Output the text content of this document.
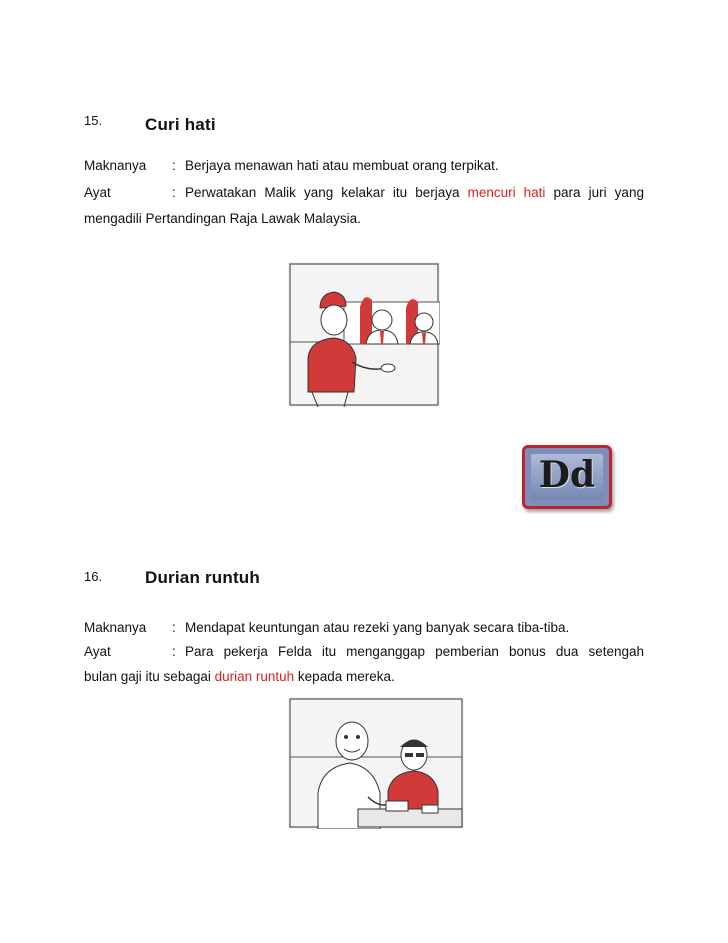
15.	Curi hati
Maknanya : Berjaya menawan hati atau membuat orang terpikat.
Ayat	: Perwatakan Malik yang kelakar itu berjaya mencuri hati para juri yang
mengadili Pertandingan Raja Lawak Malaysia.
Dd
16.	Durian runtuh
Maknanya : Mendapat keuntungan atau rezeki yang banyak secara tiba-tiba.
Ayat	: Para pekerja Felda itu menganggap pemberian bonus dua setengah
bulan gaji itu sebagai durian runtuh kepada mereka.
